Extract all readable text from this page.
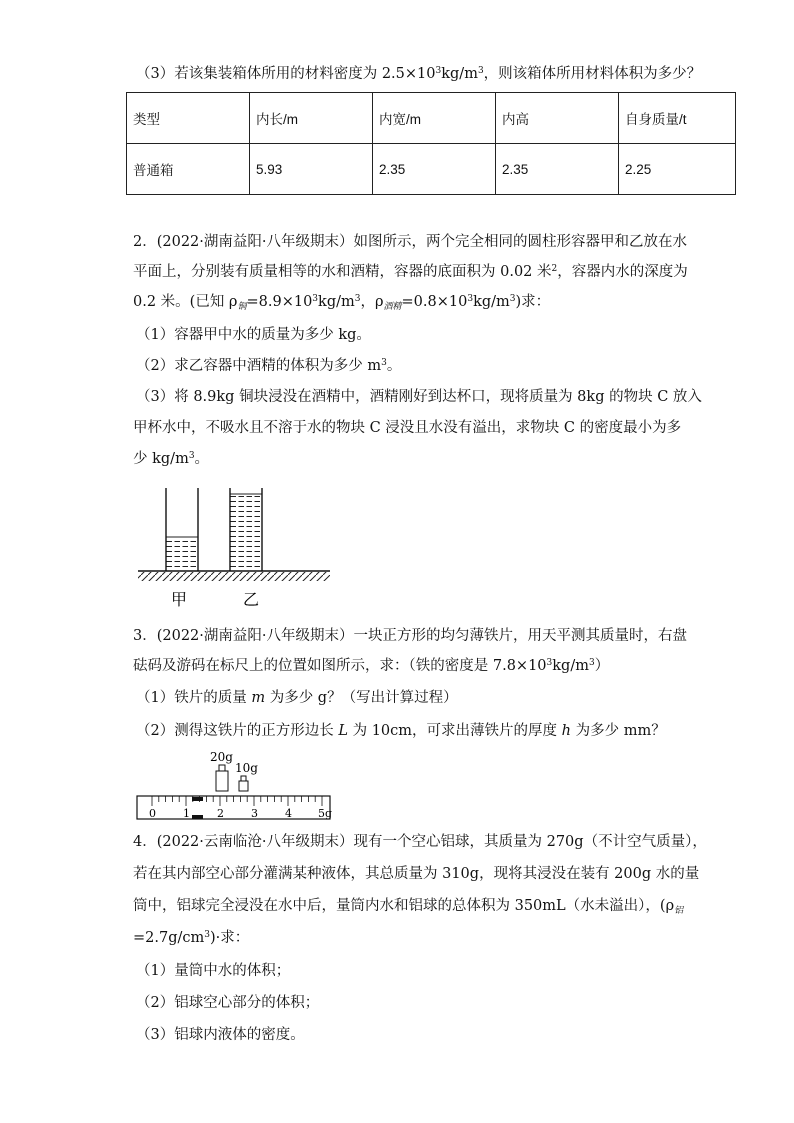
（3）若该集装箱体所用的材料密度为 $2.5\times 10^3kg/m^3$，则该箱体所用材料体积为多少？
类型	内长/m	内宽/m	内高	自身质量/t
普通箱	5.93	2.35	2.35	2.25
2．(2022·湖南益阳·八年级期末）如图所示，两个完全相同的圆柱形容器甲和乙放在水
平面上，分别装有质量相等的水和酒精，容器的底面积为 0.02 米$^2$，容器内水的深度为
0.2 米。(已知 $\rho_铜=8.9\times 10^3kg/m^3$，$\rho_{酒精}=0.8\times 10^3kg/m^3$)求：
（1）容器甲中水的质量为多少 kg。
（2）求乙容器中酒精的体积为多少 $m^3$。
（3）将 8.9kg 铜块浸没在酒精中，酒精刚好到达杯口，现将质量为 8kg 的物块 C 放入
甲杯水中，不吸水且不溶于水的物块 C 浸没且水没有溢出，求物块 C 的密度最小为多
少 $kg/m^3$。
甲	乙
3．(2022·湖南益阳·八年级期末）一块正方形的均匀薄铁片，用天平测其质量时，右盘
砝码及游码在标尺上的位置如图所示，求：（铁的密度是 $7.8\times 10^3kg/m^3$）
（1）铁片的质量 m 为多少 g？（写出计算过程）
（2）测得这铁片的正方形边长 L 为 10cm，可求出薄铁片的厚度 h 为多少 mm？
20g
10g
0 1 2 3 4 5g
4．(2022·云南临沧·八年级期末）现有一个空心铝球，其质量为 270g（不计空气质量），
若在其内部空心部分灌满某种液体，其总质量为 310g，现将其浸没在装有 200g 水的量
筒中，铝球完全浸没在水中后，量筒内水和铝球的总体积为 350mL（水未溢出），($\rho_铝$
$=2.7g/cm^3)\cdot$求：
（1）量筒中水的体积；
（2）铝球空心部分的体积；
（3）铝球内液体的密度。
